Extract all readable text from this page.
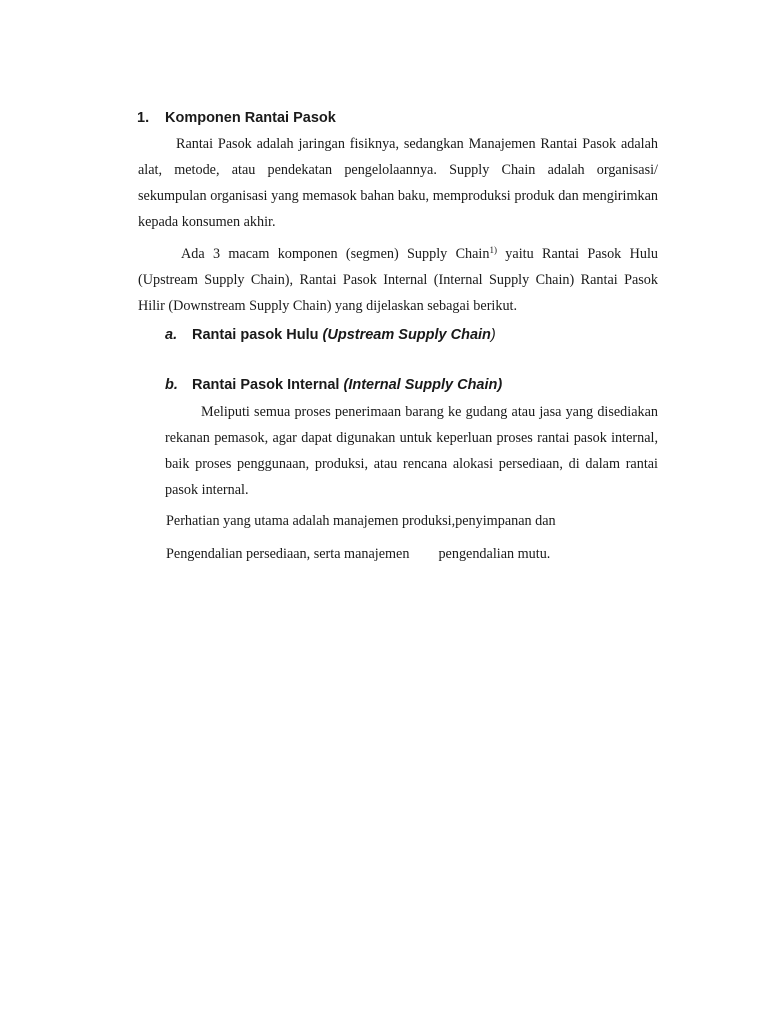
1. Komponen Rantai Pasok

Rantai Pasok adalah jaringan fisiknya, sedangkan Manajemen Rantai Pasok adalah alat, metode, atau pendekatan pengelolaannya. Supply Chain adalah organisasi/ sekumpulan organisasi yang memasok bahan baku, memproduksi produk dan mengirimkan kepada konsumen akhir.

Ada 3 macam komponen (segmen) Supply Chain$^{1)}$ yaitu Rantai Pasok Hulu (Upstream Supply Chain), Rantai Pasok Internal (Internal Supply Chain) Rantai Pasok Hilir (Downstream Supply Chain) yang dijelaskan sebagai berikut.

a. Rantai pasok Hulu (Upstream Supply Chain)
b. Rantai Pasok Internal (Internal Supply Chain)

Meliputi semua proses penerimaan barang ke gudang atau jasa yang disediakan rekanan pemasok, agar dapat digunakan untuk keperluan proses rantai pasok internal, baik proses penggunaan, produksi, atau rencana alokasi persediaan, di dalam rantai pasok internal.

Perhatian yang utama adalah manajemen produksi,penyimpanan dan

Pengendalian persediaan, serta manajemen pengendalian mutu.
